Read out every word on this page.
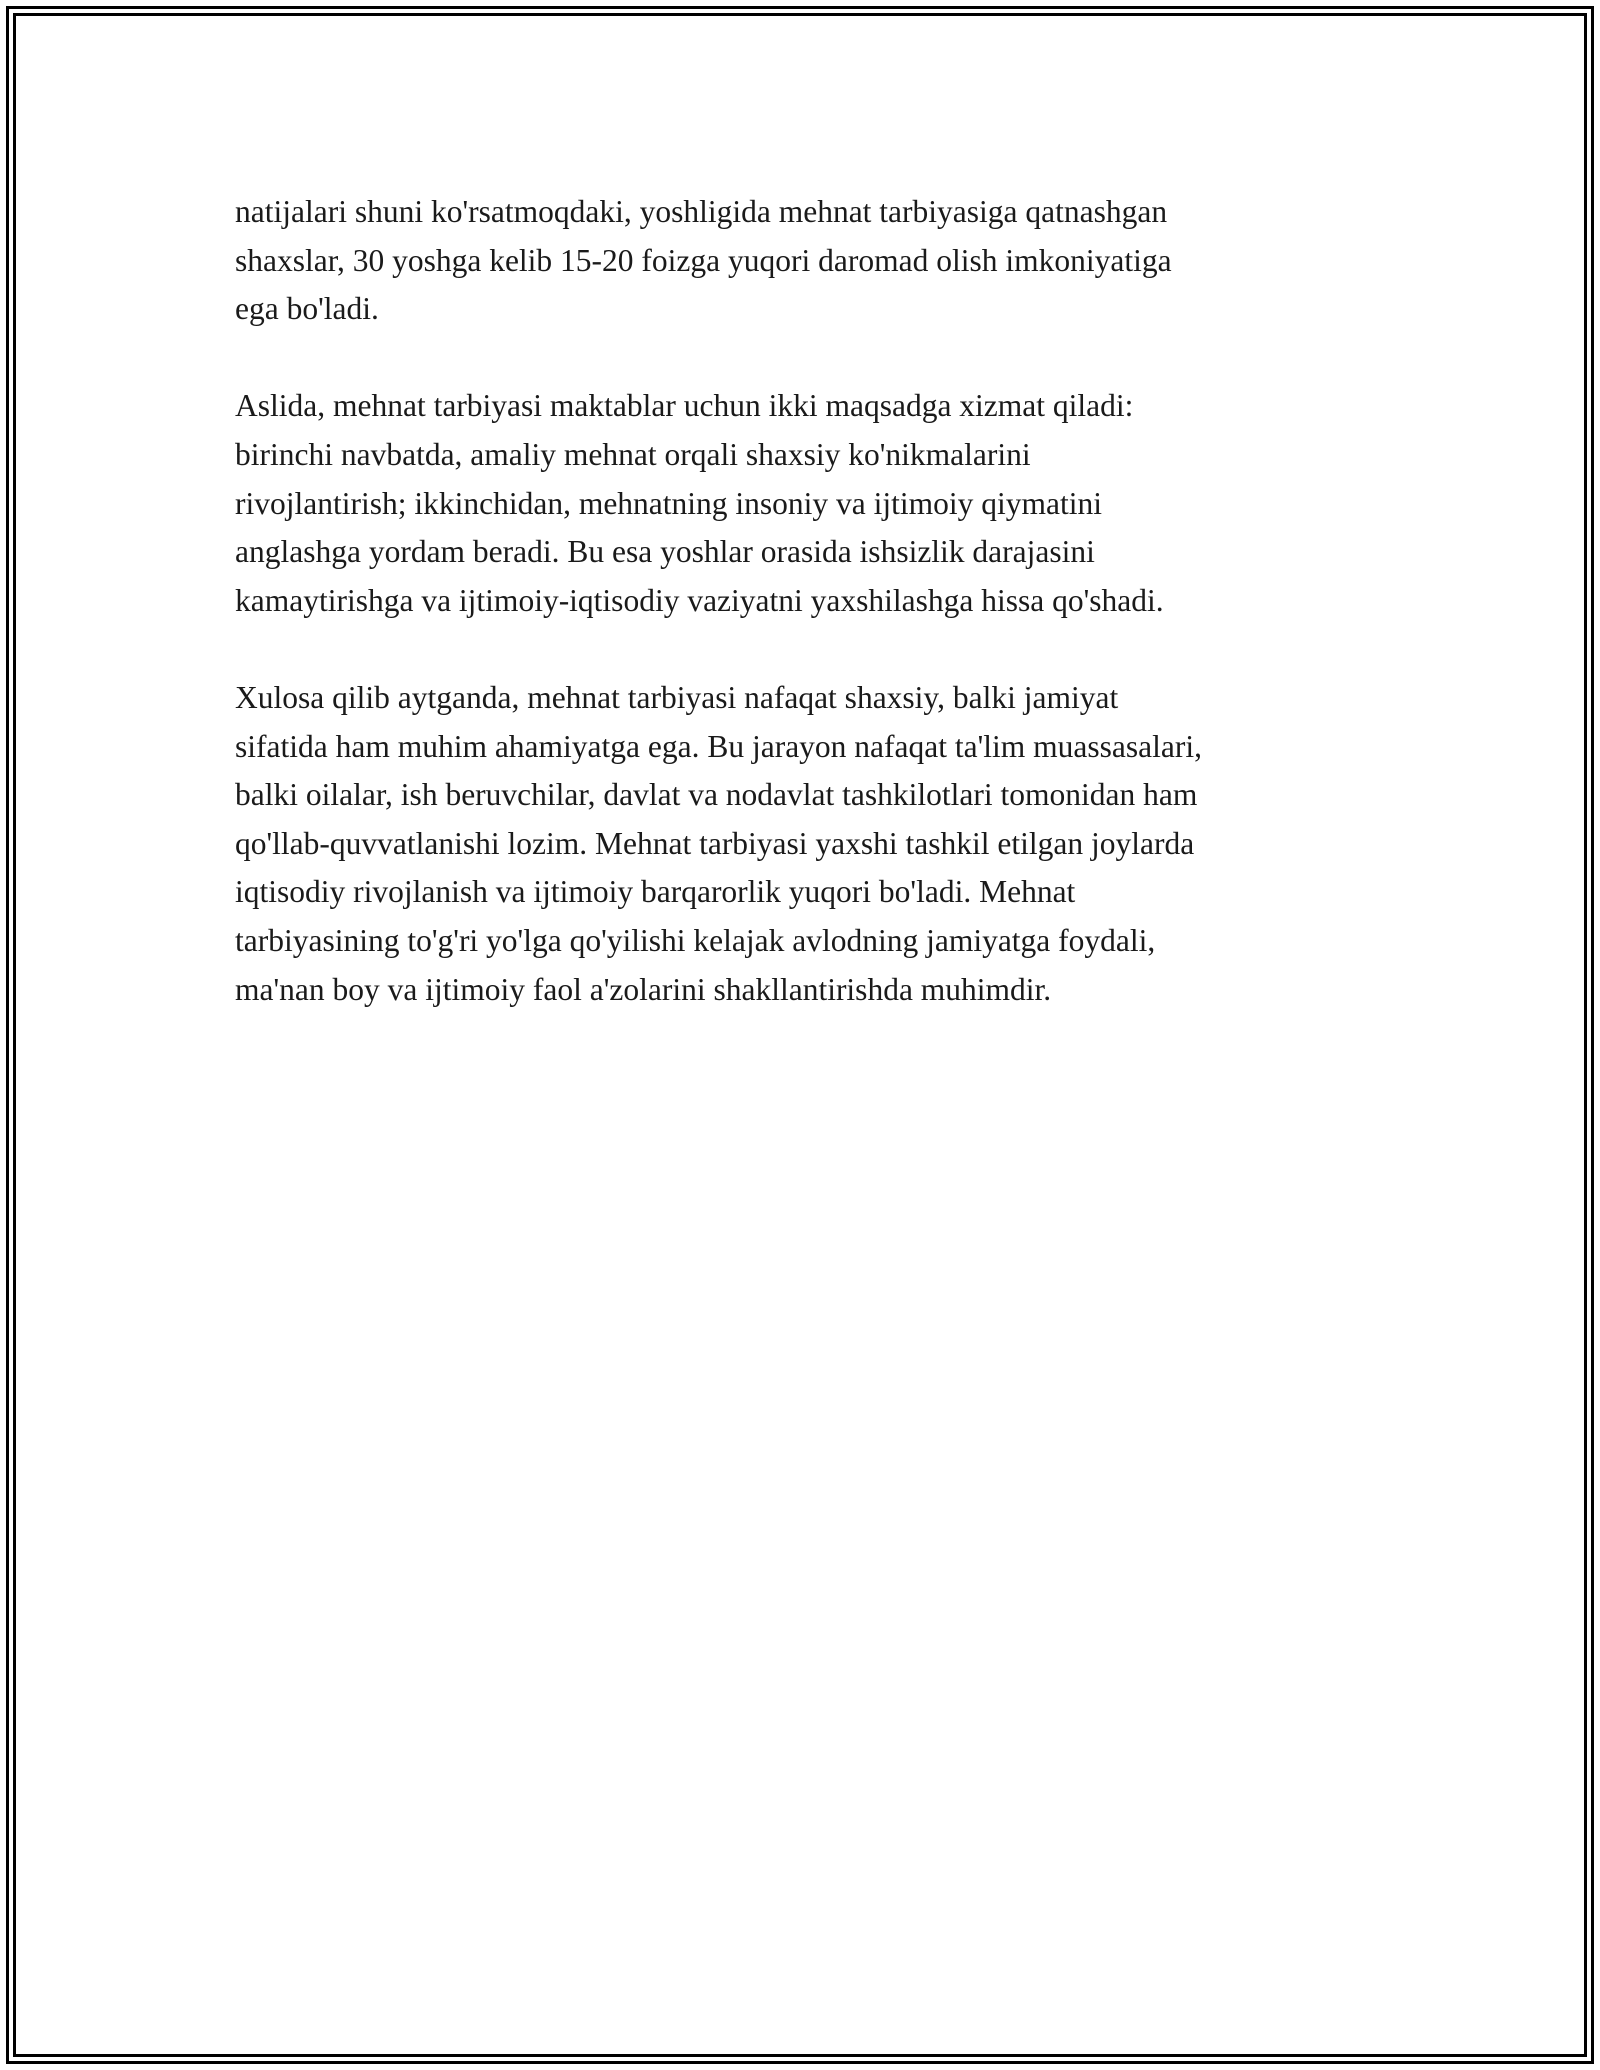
natijalari shuni ko'rsatmoqdaki, yoshligida mehnat tarbiyasiga qatnashgan
shaxslar, 30 yoshga kelib 15-20 foizga yuqori daromad olish imkoniyatiga
ega bo'ladi.

Aslida, mehnat tarbiyasi maktablar uchun ikki maqsadga xizmat qiladi:
birinchi navbatda, amaliy mehnat orqali shaxsiy ko'nikmalarini
rivojlantirish; ikkinchidan, mehnatning insoniy va ijtimoiy qiymatini
anglashga yordam beradi. Bu esa yoshlar orasida ishsizlik darajasini
kamaytirishga va ijtimoiy-iqtisodiy vaziyatni yaxshilashga hissa qo'shadi.

Xulosa qilib aytganda, mehnat tarbiyasi nafaqat shaxsiy, balki jamiyat
sifatida ham muhim ahamiyatga ega. Bu jarayon nafaqat ta'lim muassasalari,
balki oilalar, ish beruvchilar, davlat va nodavlat tashkilotlari tomonidan ham
qo'llab-quvvatlanishi lozim. Mehnat tarbiyasi yaxshi tashkil etilgan joylarda
iqtisodiy rivojlanish va ijtimoiy barqarorlik yuqori bo'ladi. Mehnat
tarbiyasining to'g'ri yo'lga qo'yilishi kelajak avlodning jamiyatga foydali,
ma'nan boy va ijtimoiy faol a'zolarini shakllantirishda muhimdir.
